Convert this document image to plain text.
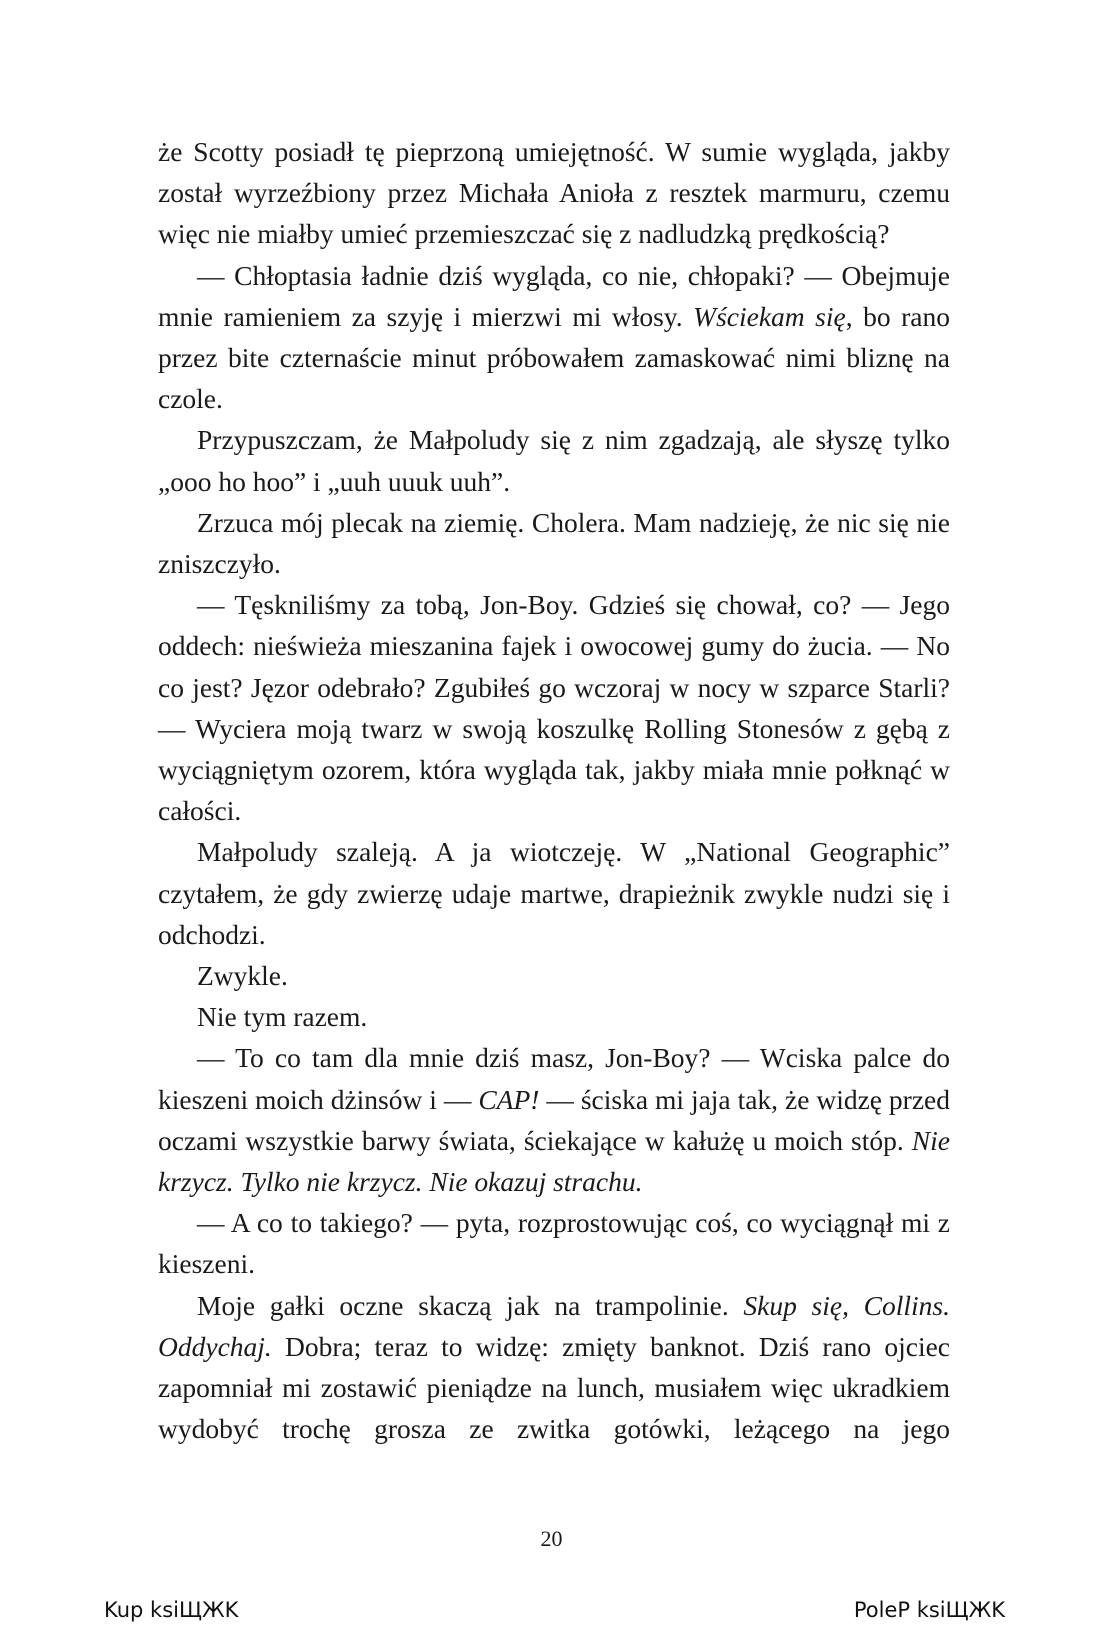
że Scotty posiadł tę pieprzoną umiejętność. W sumie wygląda, jakby został wyrzeźbiony przez Michała Anioła z resztek marmuru, czemu więc nie miałby umieć przemieszczać się z nadludzką prędkością?

— Chłoptasia ładnie dziś wygląda, co nie, chłopaki? — Obejmuje mnie ramieniem za szyję i mierzwi mi włosy. Wściekam się, bo rano przez bite czternaście minut próbowałem zamaskować nimi bliznę na czole.

Przypuszczam, że Małpoludy się z nim zgadzają, ale słyszę tylko „ooo ho hoo” i „uuh uuuk uuh”.

Zrzuca mój plecak na ziemię. Cholera. Mam nadzieję, że nic się nie zniszczyło.

— Tęskniliśmy za tobą, Jon-Boy. Gdzieś się chował, co? — Jego oddech: nieświeża mieszanina fajek i owocowej gumy do żucia. — No co jest? Jęzor odebrało? Zgubiłeś go wczoraj w nocy w szparce Starli? — Wyciera moją twarz w swoją koszulkę Rolling Stonesów z gębą z wyciągniętym ozorem, która wygląda tak, jakby miała mnie połknąć w całości.

Małpoludy szaleją. A ja wiotczeję. W „National Geographic” czytałem, że gdy zwierzę udaje martwe, drapieżnik zwykle nudzi się i odchodzi.

Zwykle.

Nie tym razem.

— To co tam dla mnie dziś masz, Jon-Boy? — Wciska palce do kieszeni moich dżinsów i — CAP! — ściska mi jaja tak, że widzę przed oczami wszystkie barwy świata, ściekające w kałużę u moich stóp. Nie krzycz. Tylko nie krzycz. Nie okazuj strachu.

— A co to takiego? — pyta, rozprostowując coś, co wyciągnął mi z kieszeni.

Moje gałki oczne skaczą jak na trampolinie. Skup się, Collins. Oddychaj. Dobra; teraz to widzę: zmięty banknot. Dziś rano ojciec zapomniał mi zostawić pieniądze na lunch, musiałem więc ukradkiem wydobyć trochę grosza ze zwitka gotówki, leżącego na jego

20
Kup ksiЩЖK	PoleP ksiЩЖK
